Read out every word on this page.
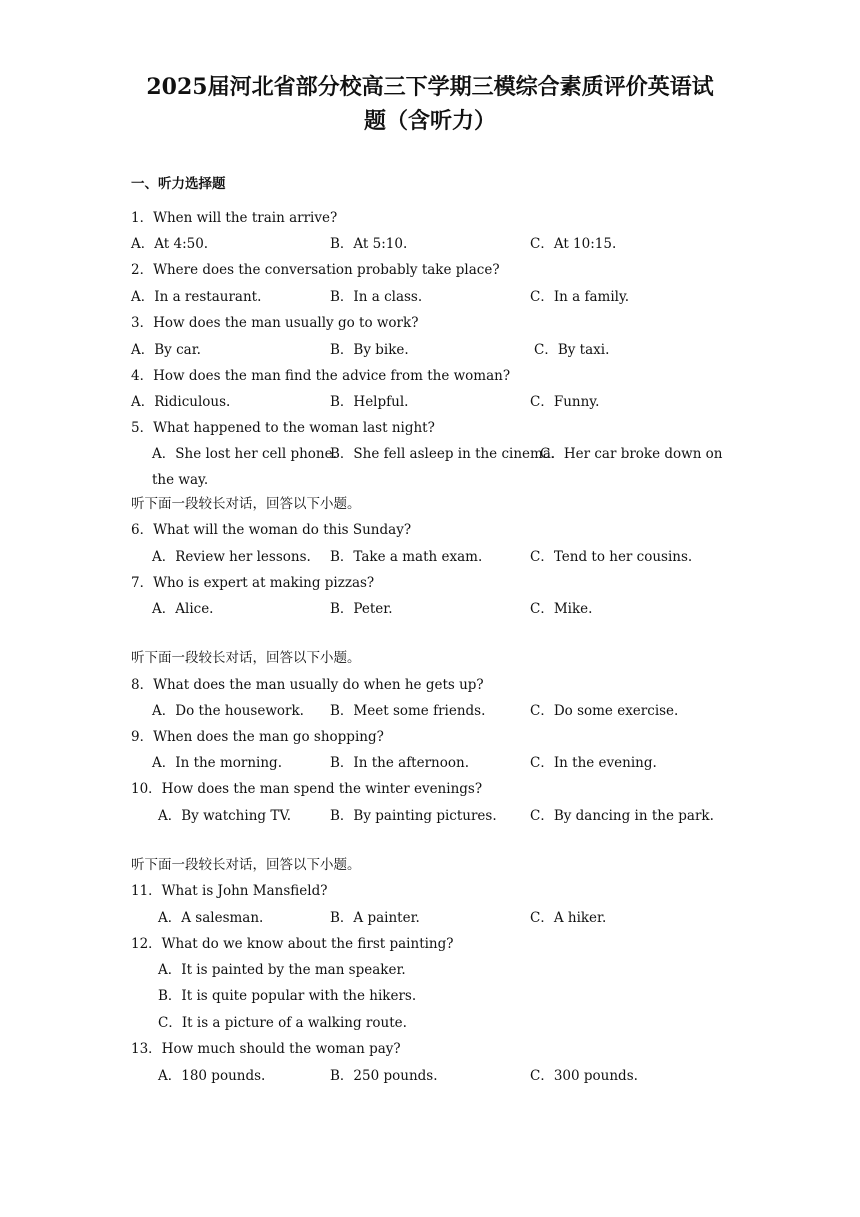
2025届河北省部分校高三下学期三模综合素质评价英语试
题（含听力）
一、听力选择题
1．When will the train arrive?
A．At 4:50.	B．At 5:10.	C．At 10:15.
2．Where does the conversation probably take place?
A．In a restaurant.	B．In a class.	C．In a family.
3．How does the man usually go to work?
A．By car.	B．By bike.	C．By taxi.
4．How does the man find the advice from the woman?
A．Ridiculous.	B．Helpful.	C．Funny.
5．What happened to the woman last night?
A．She lost her cell phone.
B．She fell asleep in the cinema.
C．Her car broke down on
the way.
听下面一段较长对话，回答以下小题。
6．What will the woman do this Sunday?
A．Review her lessons. B．Take a math exam.	C．Tend to her cousins.
7．Who is expert at making pizzas?
A．Alice.	B．Peter.	C．Mike.
听下面一段较长对话，回答以下小题。
8．What does the man usually do when he gets up?
A．Do the housework. B．Meet some friends.	C．Do some exercise.
9．When does the man go shopping?
A．In the morning.	B．In the afternoon.	C．In the evening.
10．How does the man spend the winter evenings?
A．By watching TV.	B．By painting pictures. C．By dancing in the park.
听下面一段较长对话，回答以下小题。
11．What is John Mansfield?
A．A salesman.	B．A painter.	C．A hiker.
12．What do we know about the first painting?
A．It is painted by the man speaker.
B．It is quite popular with the hikers.
C．It is a picture of a walking route.
13．How much should the woman pay?
A．180 pounds.	B．250 pounds.	C．300 pounds.
